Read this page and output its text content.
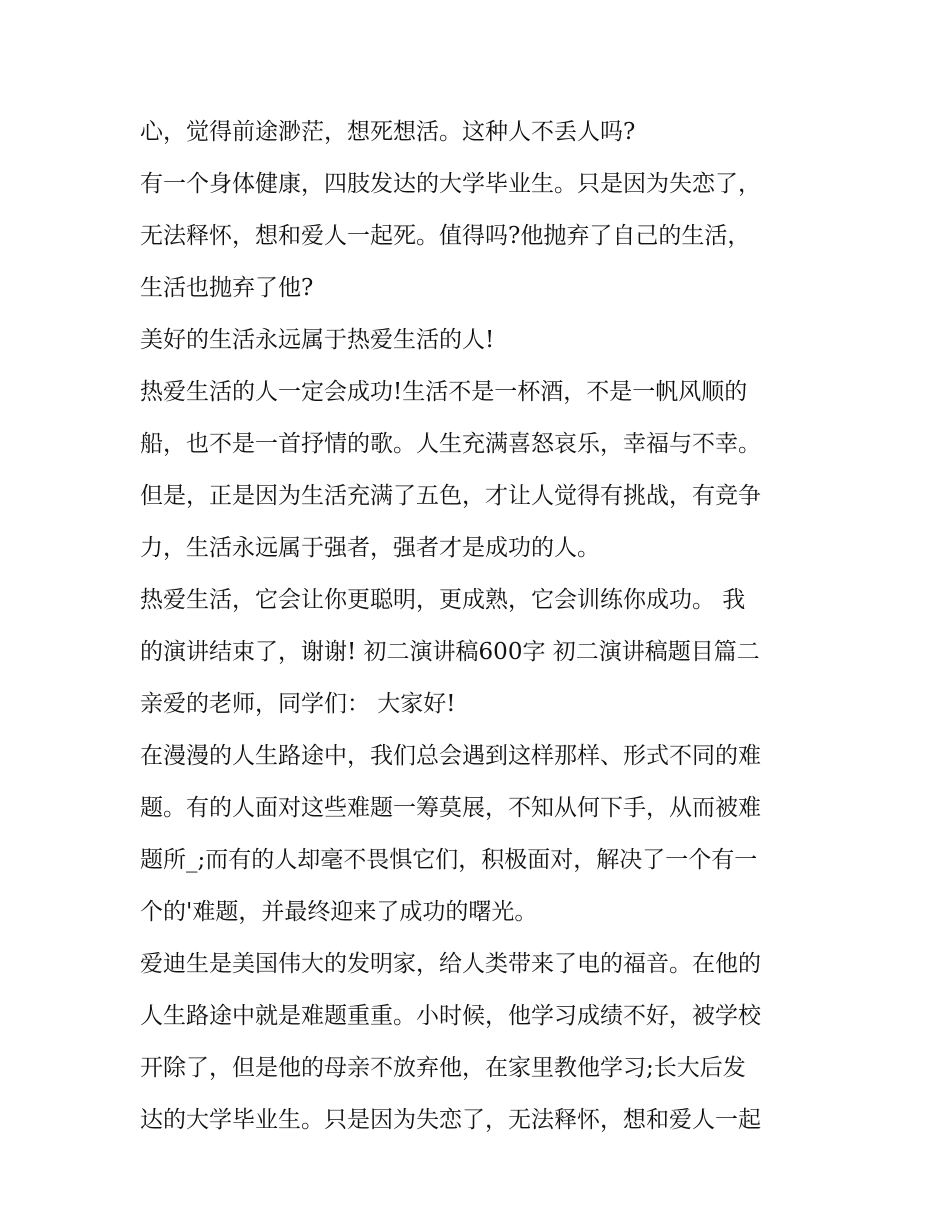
心，觉得前途渺茫，想死想活。这种人不丢人吗?
有一个身体健康，四肢发达的大学毕业生。只是因为失恋了，
无法释怀，想和爱人一起死。值得吗?他抛弃了自己的生活，
生活也抛弃了他?
美好的生活永远属于热爱生活的人!
热爱生活的人一定会成功!生活不是一杯酒，不是一帆风顺的
船，也不是一首抒情的歌。人生充满喜怒哀乐，幸福与不幸。
但是，正是因为生活充满了五色，才让人觉得有挑战，有竞争
力，生活永远属于强者，强者才是成功的人。
热爱生活，它会让你更聪明，更成熟，它会训练你成功。 我
的演讲结束了，谢谢! 初二演讲稿600字 初二演讲稿题目篇二
亲爱的老师，同学们： 大家好!
在漫漫的人生路途中，我们总会遇到这样那样、形式不同的难
题。有的人面对这些难题一筹莫展，不知从何下手，从而被难
题所_;而有的人却毫不畏惧它们，积极面对，解决了一个有一
个的'难题，并最终迎来了成功的曙光。
爱迪生是美国伟大的发明家，给人类带来了电的福音。在他的
人生路途中就是难题重重。小时候，他学习成绩不好，被学校
开除了，但是他的母亲不放弃他，在家里教他学习;长大后发
达的大学毕业生。只是因为失恋了，无法释怀，想和爱人一起
